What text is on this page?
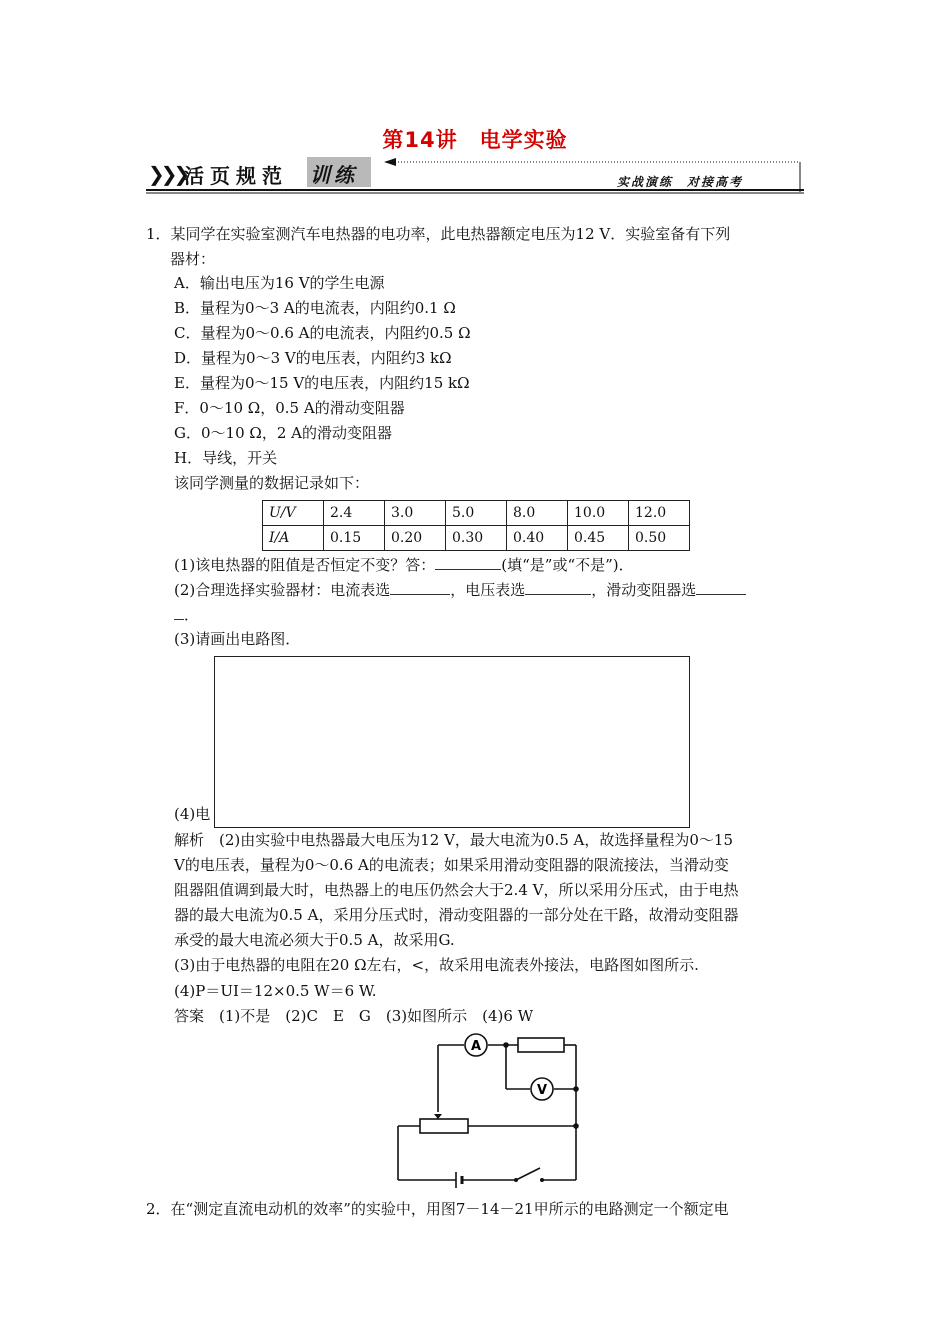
第14讲　电学实验
❯❯❯
活页规范 训练	实战演练　对接高考
1．某同学在实验室测汽车电热器的电功率，此电热器额定电压为12 V．实验室备有下列
器材：
A．输出电压为16 V的学生电源
B．量程为0～3 A的电流表，内阻约0.1 Ω
C．量程为0～0.6 A的电流表，内阻约0.5 Ω
D．量程为0～3 V的电压表，内阻约3 kΩ
E．量程为0～15 V的电压表，内阻约15 kΩ
F．0～10 Ω，0.5 A的滑动变阻器
G．0～10 Ω，2 A的滑动变阻器
H．导线，开关
该同学测量的数据记录如下：
U/V	2.4	3.0	5.0	8.0	10.0	12.0
I/A	0.15	0.20	0.30	0.40	0.45	0.50
(1)该电热器的阻值是否恒定不变？答：	(填“是”或“不是”)．
(2)合理选择实验器材：电流表选	，电压表选	，滑动变阻器选
．
(3)请画出电路图．
(4)电
解析　(2)由实验中电热器最大电压为12 V，最大电流为0.5 A，故选择量程为0～15
V的电压表，量程为0～0.6 A的电流表；如果采用滑动变阻器的限流接法，当滑动变
阻器阻值调到最大时，电热器上的电压仍然会大于2.4 V，所以采用分压式，由于电热
器的最大电流为0.5 A，采用分压式时，滑动变阻器的一部分处在干路，故滑动变阻器
承受的最大电流必须大于0.5 A，故采用G.
(3)由于电热器的电阻在20 Ω左右，<，故采用电流表外接法，电路图如图所示.
(4)P＝UI＝12×0.5 W＝6 W.
答案　(1)不是　(2)C　E　G　(3)如图所示　(4)6 W
A
V
2．在“测定直流电动机的效率”的实验中，用图7－14－21甲所示的电路测定一个额定电
